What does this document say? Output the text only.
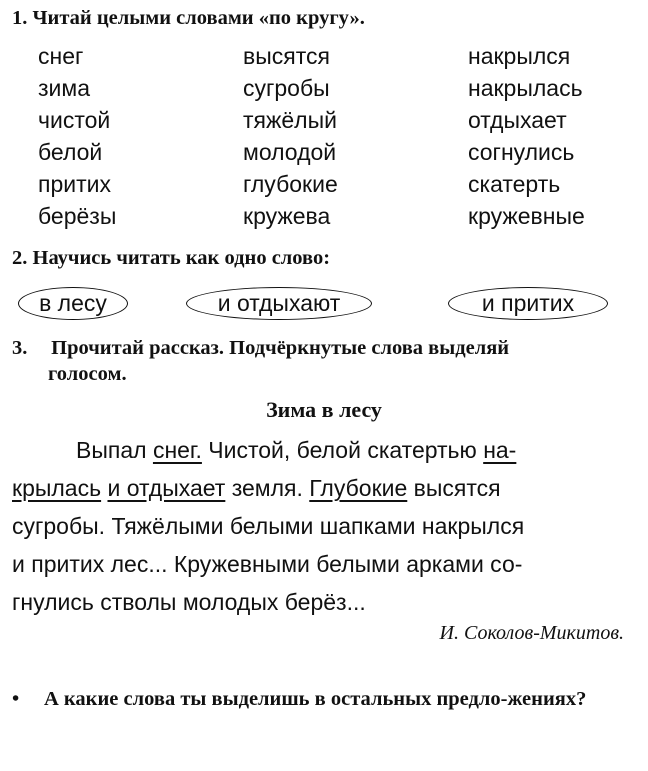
1. Читай целыми словами «по кругу».
снег
зима
чистой
белой
притих
берёзы
высятся
сугробы
тяжёлый
молодой
глубокие
кружева
накрылся
накрылась
отдыхает
согнулись
скатерть
кружевные
2. Научись читать как одно слово:
в лесу	и отдыхают	и притих
3. Прочитай рассказ. Подчёркнутые слова выделяй
голосом.
Зима в лесу
Выпал снег. Чистой, белой скатертью на-
крылась и отдыхает земля. Глубокие высятся
сугробы. Тяжёлыми белыми шапками накрылся
и притих лес... Кружевными белыми арками со-
гнулись стволы молодых берёз...
И. Соколов-Микитов.
• А какие слова ты выделишь в остальных предло-жениях?
